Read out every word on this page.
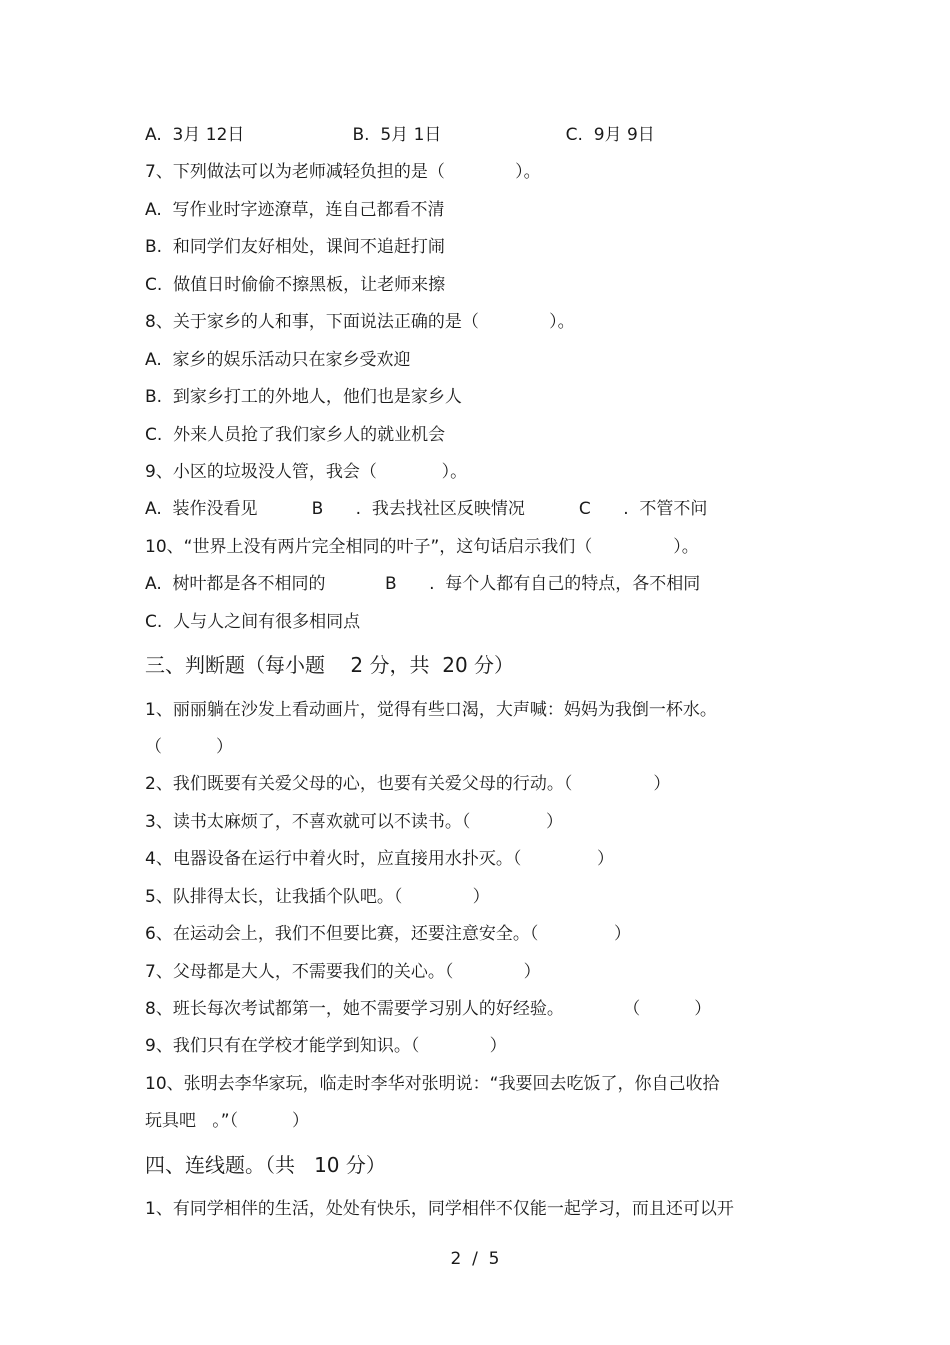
A.  3月 12日                    B.  5月 1日                       C.  9月 9日
7、下列做法可以为老师减轻负担的是（             ）。
A.  写作业时字迹潦草，连自己都看不清
B.  和同学们友好相处，课间不追赶打闹
C.  做值日时偷偷不擦黑板，让老师来擦
8、关于家乡的人和事，下面说法正确的是（             ）。
A.  家乡的娱乐活动只在家乡受欢迎
B.  到家乡打工的外地人，他们也是家乡人
C.  外来人员抢了我们家乡人的就业机会
9、小区的垃圾没人管，我会（            ）。
A.  装作没看见          B      .  我去找社区反映情况          C      .  不管不问
10、“世界上没有两片完全相同的叶子”，这句话启示我们（               ）。
A.  树叶都是各不相同的           B      .  每个人都有自己的特点，各不相同
C.  人与人之间有很多相同点
三、判断题（每小题    2 分，共  20 分）
1、丽丽躺在沙发上看动画片，觉得有些口渴，大声喊：妈妈为我倒一杯水。
（          ）
2、我们既要有关爱父母的心，也要有关爱父母的行动。（               ）
3、读书太麻烦了，不喜欢就可以不读书。（              ）
4、电器设备在运行中着火时，应直接用水扑灭。（              ）
5、队排得太长，让我插个队吧。（             ）
6、在运动会上，我们不但要比赛，还要注意安全。（              ）
7、父母都是大人，不需要我们的关心。（             ）
8、班长每次考试都第一，她不需要学习别人的好经验。           （          ）
9、我们只有在学校才能学到知识。（             ）
10、张明去李华家玩，临走时李华对张明说：“我要回去吃饭了，你自己收拾
玩具吧   。”（          ）
四、连线题。（共   10 分）
1、有同学相伴的生活，处处有快乐，同学相伴不仅能一起学习，而且还可以开
2  /  5
